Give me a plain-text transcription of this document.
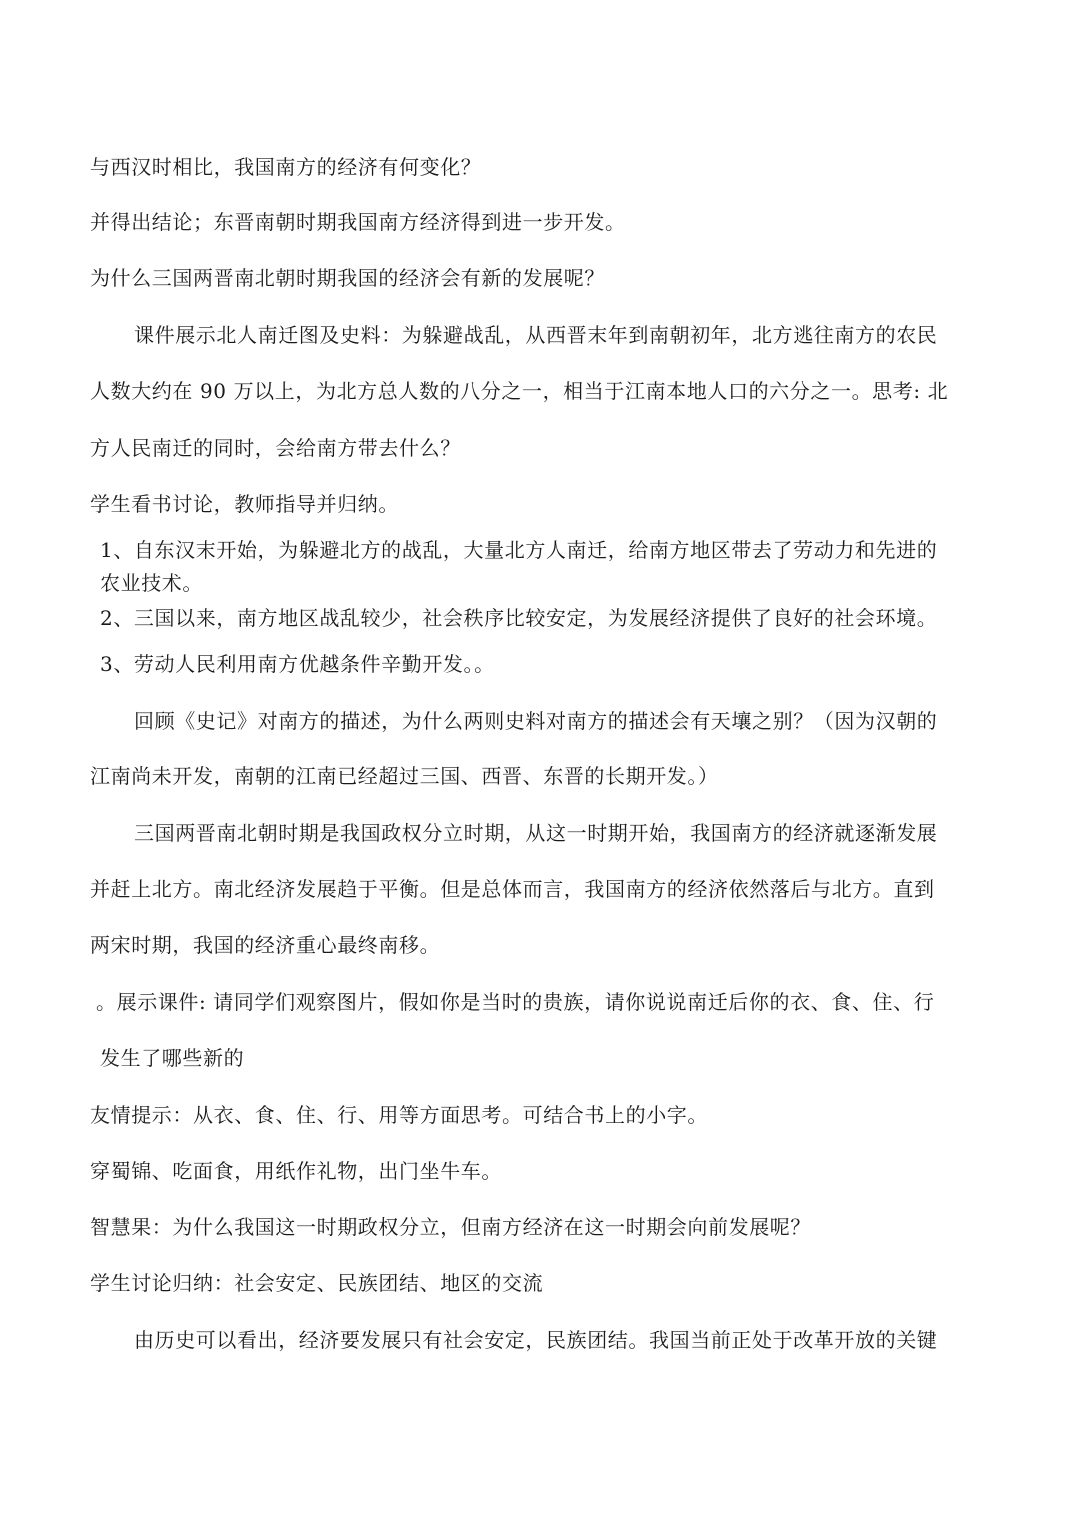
与西汉时相比，我国南方的经济有何变化？
并得出结论；东晋南朝时期我国南方经济得到进一步开发。
为什么三国两晋南北朝时期我国的经济会有新的发展呢？
课件展示北人南迁图及史料：为躲避战乱，从西晋末年到南朝初年，北方逃往南方的农民
人数大约在 90 万以上，为北方总人数的八分之一，相当于江南本地人口的六分之一。思考: 北
方人民南迁的同时，会给南方带去什么？
学生看书讨论，教师指导并归纳。
1、自东汉末开始，为躲避北方的战乱，大量北方人南迁，给南方地区带去了劳动力和先进的
农业技术。
2、三国以来，南方地区战乱较少，社会秩序比较安定，为发展经济提供了良好的社会环境。
3、劳动人民利用南方优越条件辛勤开发。。
回顾《史记》对南方的描述，为什么两则史料对南方的描述会有天壤之别？（因为汉朝的
江南尚未开发，南朝的江南已经超过三国、西晋、东晋的长期开发。）
三国两晋南北朝时期是我国政权分立时期，从这一时期开始，我国南方的经济就逐渐发展
并赶上北方。南北经济发展趋于平衡。但是总体而言，我国南方的经济依然落后与北方。直到
两宋时期，我国的经济重心最终南移。
。展示课件: 请同学们观察图片，假如你是当时的贵族，请你说说南迁后你的衣、食、住、行
发生了哪些新的
友情提示：从衣、食、住、行、用等方面思考。可结合书上的小字。
穿蜀锦、吃面食，用纸作礼物，出门坐牛车。
智慧果：为什么我国这一时期政权分立，但南方经济在这一时期会向前发展呢？
学生讨论归纳：社会安定、民族团结、地区的交流
由历史可以看出，经济要发展只有社会安定，民族团结。我国当前正处于改革开放的关键
